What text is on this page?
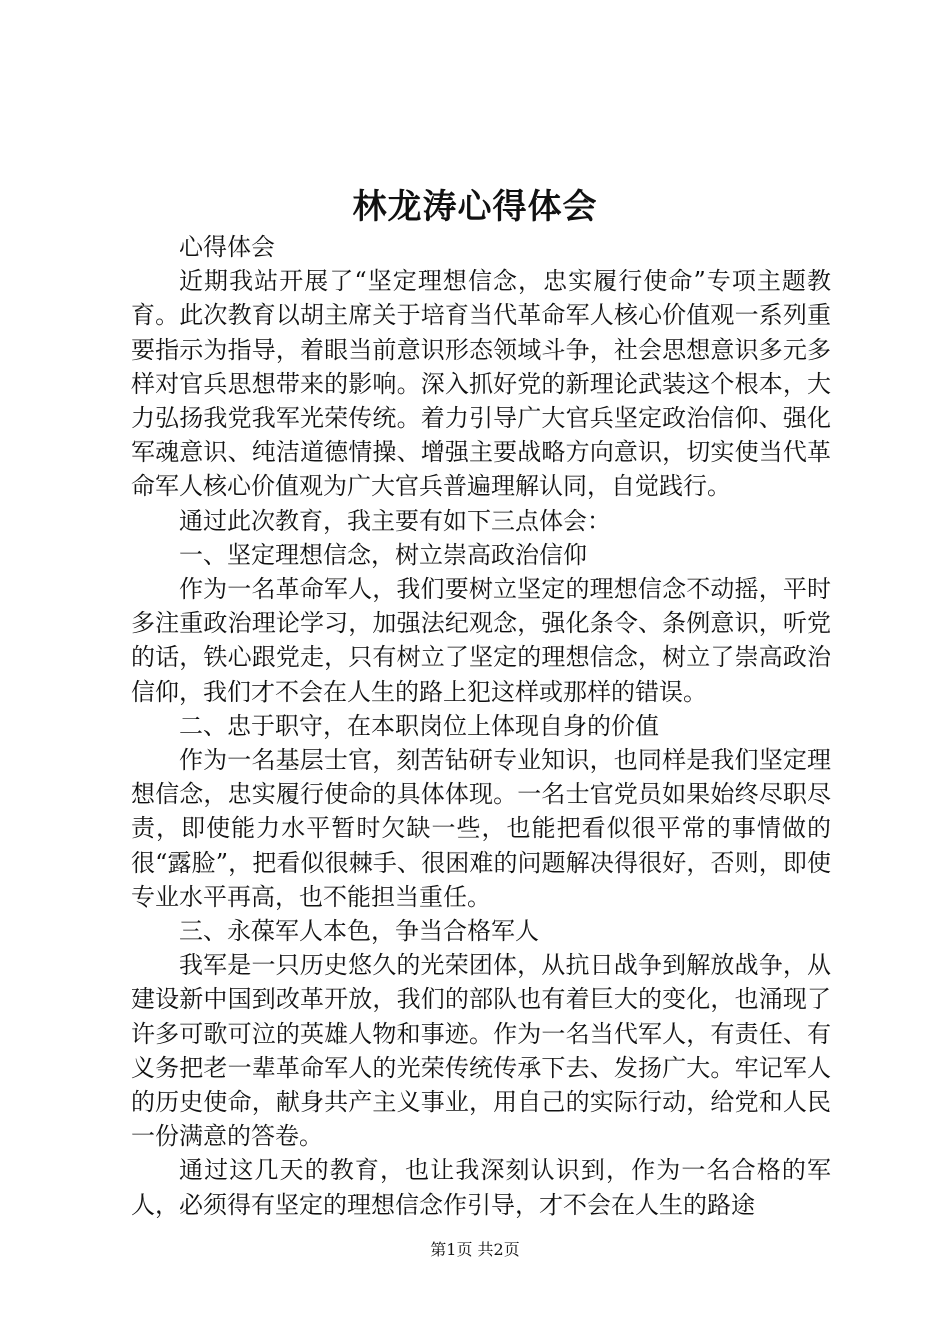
林龙涛心得体会

心得体会

近期我站开展了“坚定理想信念，忠实履行使命”专项主题教育。此次教育以胡主席关于培育当代革命军人核心价值观一系列重要指示为指导，着眼当前意识形态领域斗争，社会思想意识多元多样对官兵思想带来的影响。深入抓好党的新理论武装这个根本，大力弘扬我党我军光荣传统。着力引导广大官兵坚定政治信仰、强化军魂意识、纯洁道德情操、增强主要战略方向意识，切实使当代革命军人核心价值观为广大官兵普遍理解认同，自觉践行。

通过此次教育，我主要有如下三点体会：

一、坚定理想信念，树立崇高政治信仰

作为一名革命军人，我们要树立坚定的理想信念不动摇，平时多注重政治理论学习，加强法纪观念，强化条令、条例意识，听党的话，铁心跟党走，只有树立了坚定的理想信念，树立了崇高政治信仰，我们才不会在人生的路上犯这样或那样的错误。

二、忠于职守，在本职岗位上体现自身的价值

作为一名基层士官，刻苦钻研专业知识，也同样是我们坚定理想信念，忠实履行使命的具体体现。一名士官党员如果始终尽职尽责，即使能力水平暂时欠缺一些，也能把看似很平常的事情做的很“露脸”，把看似很棘手、很困难的问题解决得很好，否则，即使专业水平再高，也不能担当重任。

三、永葆军人本色，争当合格军人

我军是一只历史悠久的光荣团体，从抗日战争到解放战争，从建设新中国到改革开放，我们的部队也有着巨大的变化，也涌现了许多可歌可泣的英雄人物和事迹。作为一名当代军人，有责任、有义务把老一辈革命军人的光荣传统传承下去、发扬广大。牢记军人的历史使命，献身共产主义事业，用自己的实际行动，给党和人民一份满意的答卷。

通过这几天的教育，也让我深刻认识到，作为一名合格的军人，必须得有坚定的理想信念作引导，才不会在人生的路途

第1页 共2页
